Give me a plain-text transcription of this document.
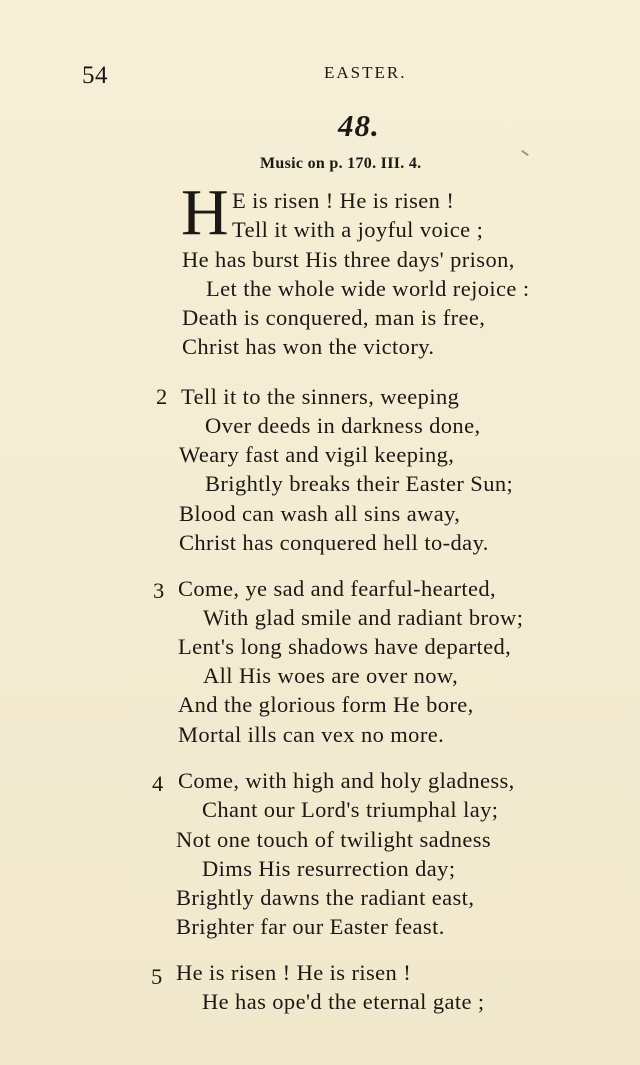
54	EASTER.
48.
Music on p. 170. III. 4.
H E is risen ! He is risen !
Tell it with a joyful voice ;
He has burst His three days' prison,
Let the whole wide world rejoice :
Death is conquered, man is free,
Christ has won the victory.
2 Tell it to the sinners, weeping
Over deeds in darkness done,
Weary fast and vigil keeping,
Brightly breaks their Easter Sun;
Blood can wash all sins away,
Christ has conquered hell to-day.
3 Come, ye sad and fearful-hearted,
With glad smile and radiant brow;
Lent's long shadows have departed,
All His woes are over now,
And the glorious form He bore,
Mortal ills can vex no more.
4 Come, with high and holy gladness,
Chant our Lord's triumphal lay;
Not one touch of twilight sadness
Dims His resurrection day;
Brightly dawns the radiant east,
Brighter far our Easter feast.
5 He is risen ! He is risen !
He has ope'd the eternal gate ;
